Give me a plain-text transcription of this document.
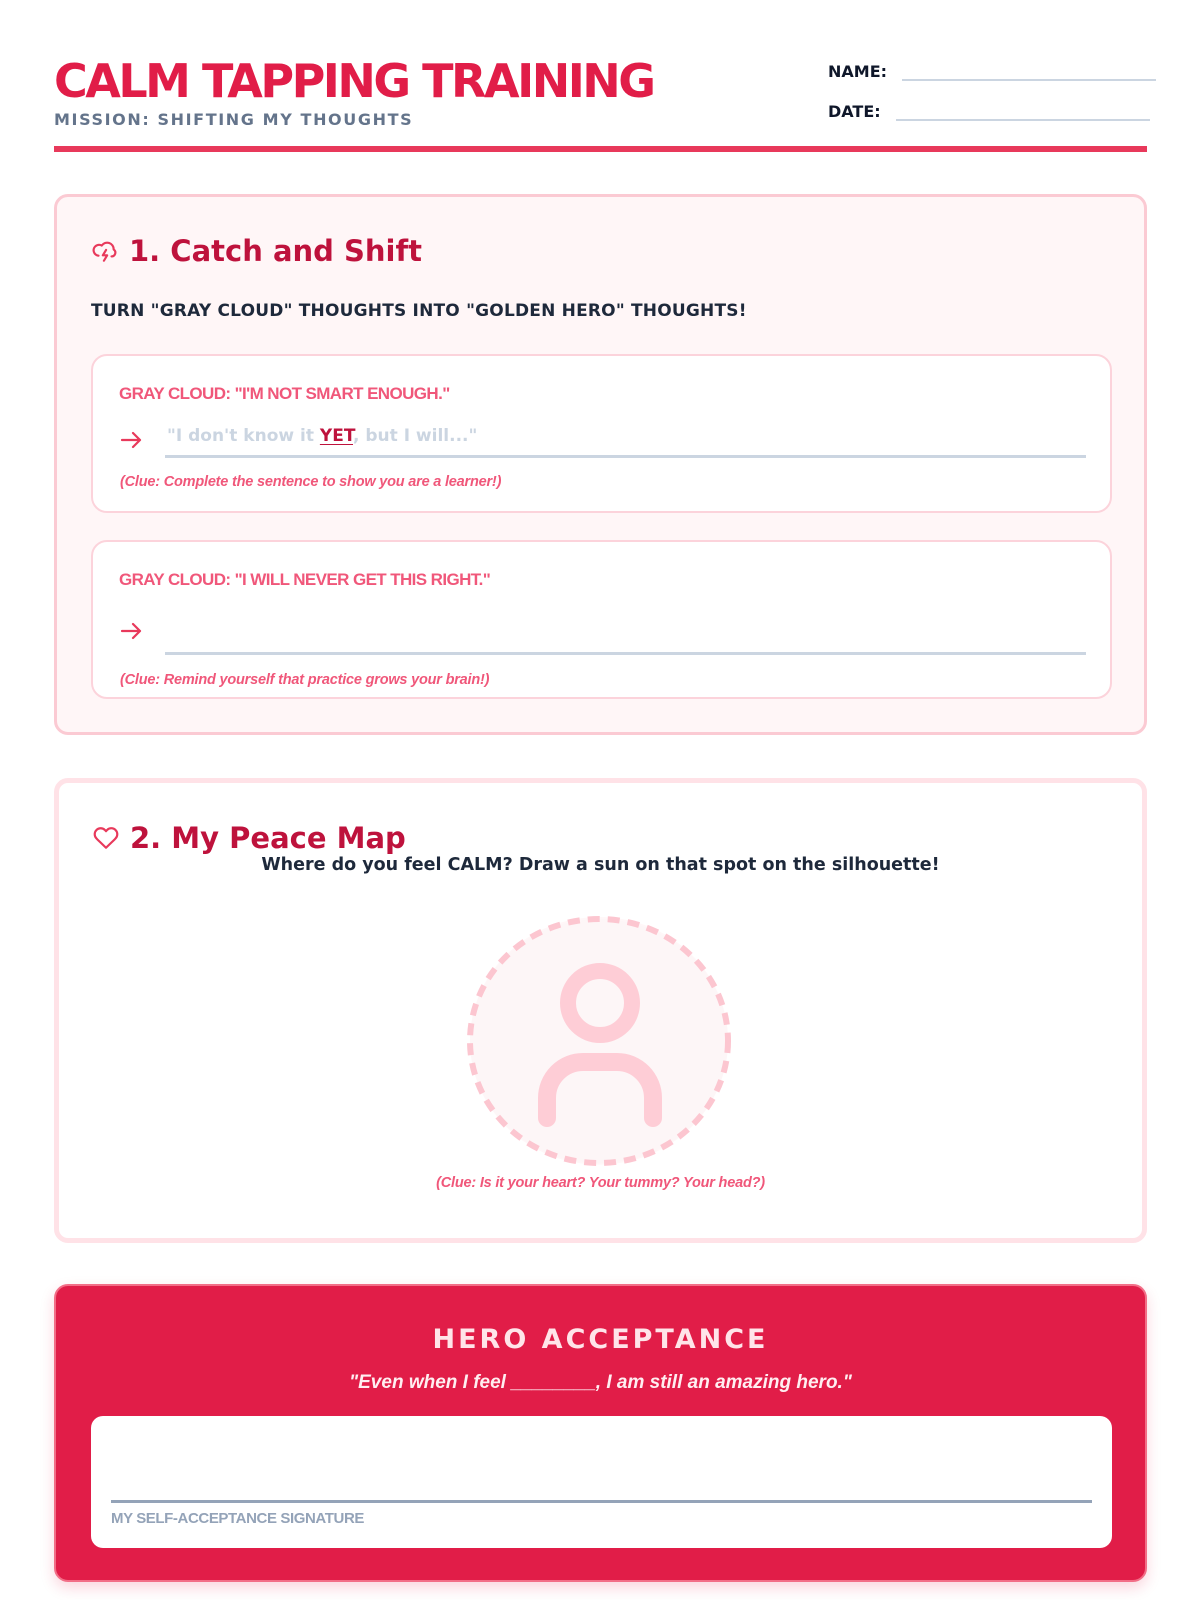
CALM TAPPING TRAINING
MISSION: SHIFTING MY THOUGHTS
NAME:
DATE:
1. Catch and Shift
TURN "GRAY CLOUD" THOUGHTS INTO "GOLDEN HERO" THOUGHTS!
GRAY CLOUD: "I'M NOT SMART ENOUGH."
"I don't know it YET, but I will..."
(Clue: Complete the sentence to show you are a learner!)
GRAY CLOUD: "I WILL NEVER GET THIS RIGHT."
(Clue: Remind yourself that practice grows your brain!)
2. My Peace Map
Where do you feel CALM? Draw a sun on that spot on the silhouette!
(Clue: Is it your heart? Your tummy? Your head?)
HERO ACCEPTANCE
"Even when I feel ________, I am still an amazing hero."
MY SELF-ACCEPTANCE SIGNATURE
